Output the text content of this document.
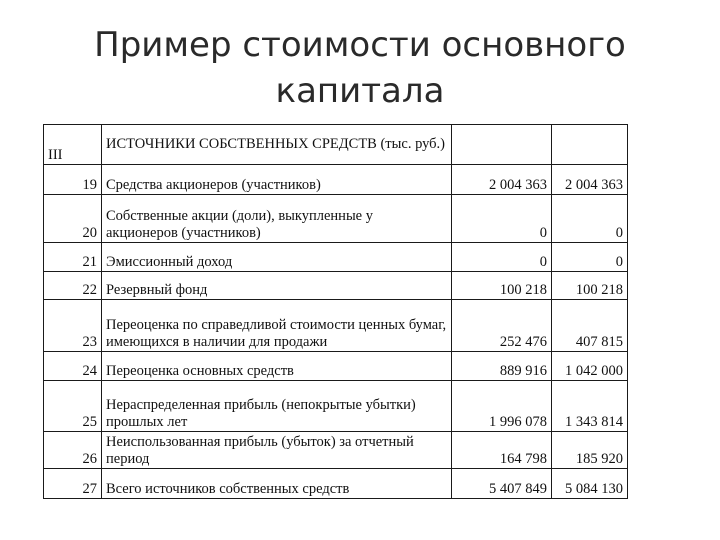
Пример стоимости основного
капитала
III	ИСТОЧНИКИ СОБСТВЕННЫХ СРЕДСТВ (тыс. руб.)		
19	Средства акционеров (участников)	2 004 363	2 004 363
20	Собственные акции (доли), выкупленные у акционеров (участников)	0	0
21	Эмиссионный доход	0	0
22	Резервный фонд	100 218	100 218
23	Переоценка по справедливой стоимости ценных бумаг, имеющихся в наличии для продажи	252 476	407 815
24	Переоценка основных средств	889 916	1 042 000
25	Нераспределенная прибыль (непокрытые убытки) прошлых лет	1 996 078	1 343 814
26	Неиспользованная прибыль (убыток) за отчетный период	164 798	185 920
27	Всего источников собственных средств	5 407 849	5 084 130
